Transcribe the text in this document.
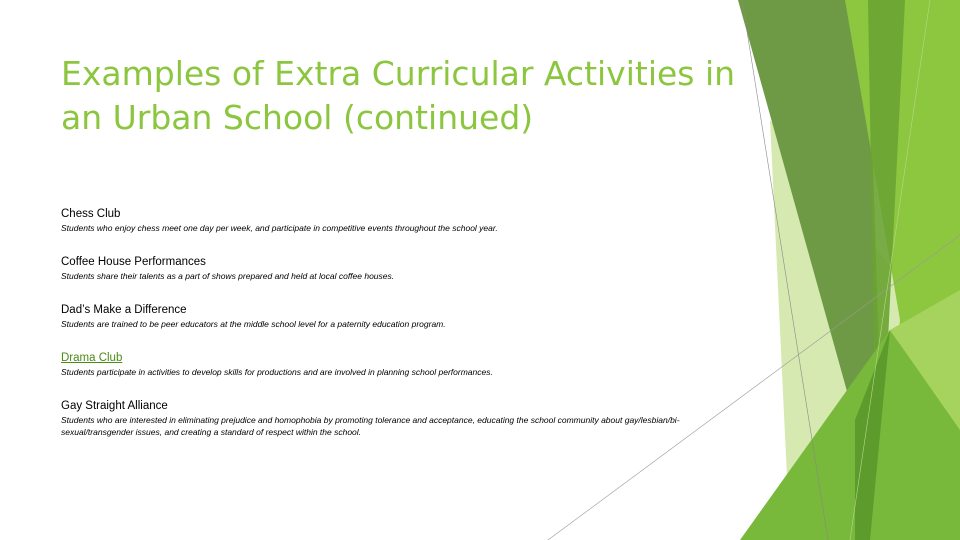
Examples of Extra Curricular Activities in an Urban School (continued)
Chess Club
Students who enjoy chess meet one day per week, and participate in competitive events throughout the school year.
Coffee House Performances
Students share their talents as a part of shows prepared and held at local coffee houses.
Dad’s Make a Difference
Students are trained to be peer educators at the middle school level for a paternity education program.
Drama Club
Students participate in activities to develop skills for productions and are involved in planning school performances.
Gay Straight Alliance
Students who are interested in eliminating prejudice and homophobia by promoting tolerance and acceptance, educating the school community about gay/lesbian/bi-sexual/transgender issues, and creating a standard of respect within the school.
